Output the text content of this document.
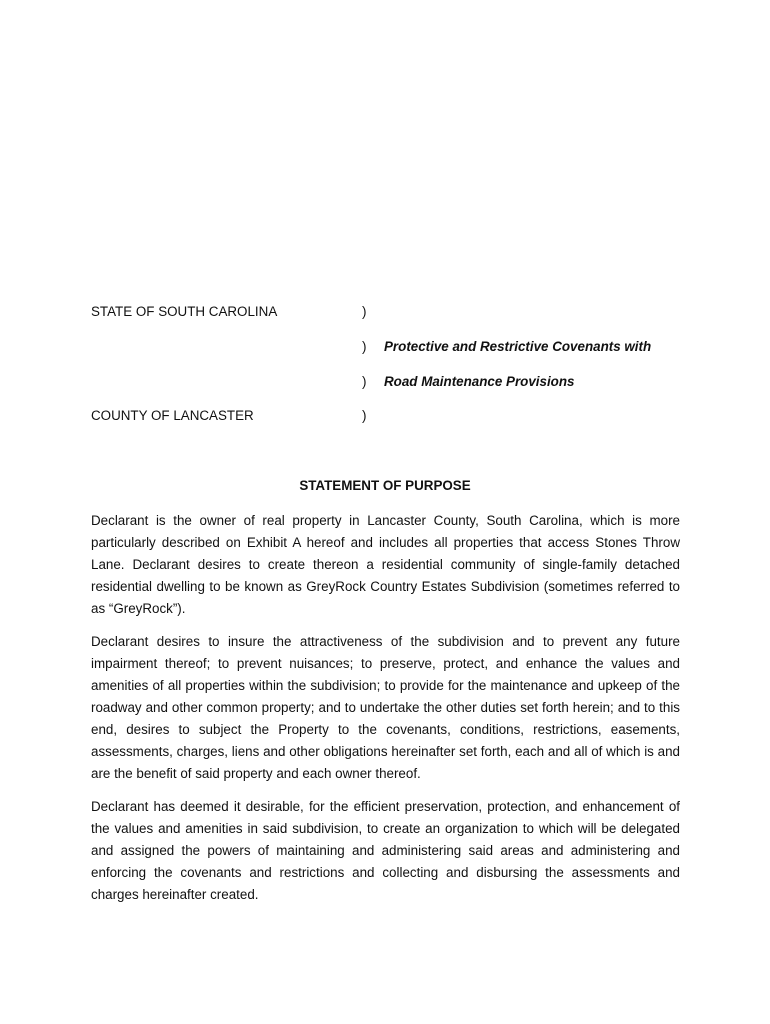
STATE OF SOUTH CAROLINA	)
) Protective and Restrictive Covenants with
) Road Maintenance Provisions
COUNTY OF LANCASTER	)
STATEMENT OF PURPOSE

Declarant is the owner of real property in Lancaster County, South Carolina, which is more particularly described on Exhibit A hereof and includes all properties that access Stones Throw Lane. Declarant desires to create thereon a residential community of single-family detached residential dwelling to be known as GreyRock Country Estates Subdivision (sometimes referred to as “GreyRock”).

Declarant desires to insure the attractiveness of the subdivision and to prevent any future impairment thereof; to prevent nuisances; to preserve, protect, and enhance the values and amenities of all properties within the subdivision; to provide for the maintenance and upkeep of the roadway and other common property; and to undertake the other duties set forth herein; and to this end, desires to subject the Property to the covenants, conditions, restrictions, easements, assessments, charges, liens and other obligations hereinafter set forth, each and all of which is and are the benefit of said property and each owner thereof.

Declarant has deemed it desirable, for the efficient preservation, protection, and enhancement of the values and amenities in said subdivision, to create an organization to which will be delegated and assigned the powers of maintaining and administering said areas and administering and enforcing the covenants and restrictions and collecting and disbursing the assessments and charges hereinafter created.
